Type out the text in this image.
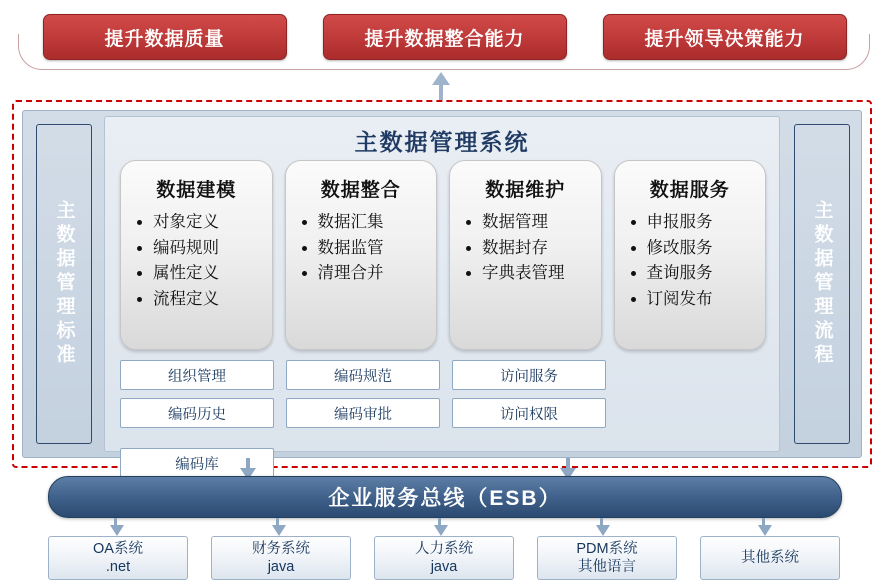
提升数据质量	提升数据整合能力	提升领导决策能力
主数据管理标准	主数据管理流程
主数据管理系统
数据建模
• 对象定义
• 编码规则
• 属性定义
• 流程定义
数据整合
• 数据汇集
• 数据监管
• 清理合并
数据维护
• 数据管理
• 数据封存
• 字典表管理
数据服务
• 申报服务
• 修改服务
• 查询服务
• 订阅发布
组织管理
编码历史
编码规范
编码审批
访问服务
访问权限
编码库
企业服务总线（ESB）
OA系统
.net
财务系统
java
人力系统
java
PDM系统
其他语言
其他系统
